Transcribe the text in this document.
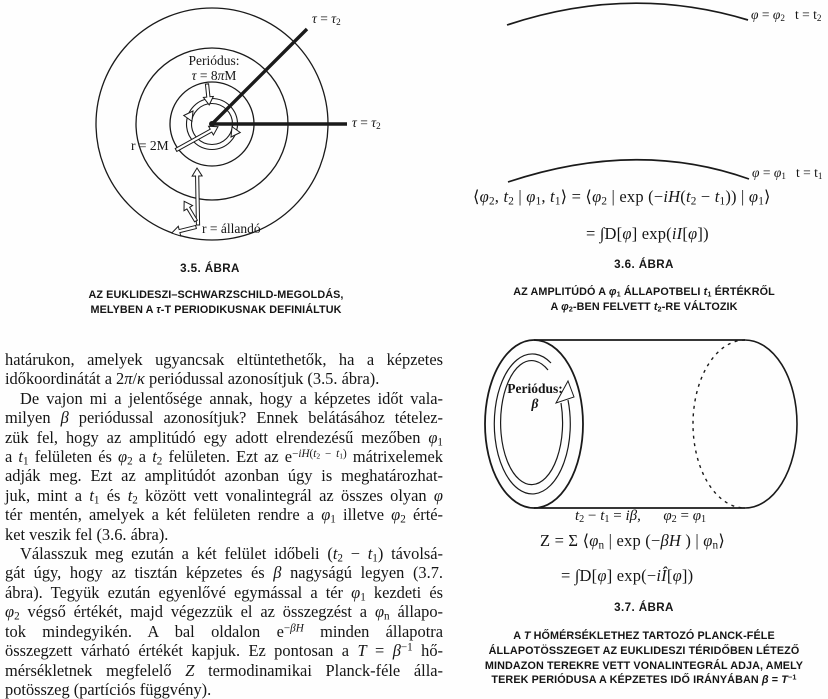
$\tau = \tau_2$
$\tau = \tau_2$
Periódus:
τ = 8πM
r = 2M
r = állandó
3.5. ÁBRA
AZ EUKLIDESZI–SCHWARZSCHILD-MEGOLDÁS,
MELYBEN A τ-T PERIODIKUSNAK DEFINIÁLTUK
$\varphi = \varphi_2$   $t = t_2$
$\varphi = \varphi_1$   $t = t_1$
$⟨\varphi_2$, $t_2$ | $\varphi_1$, $t_1⟩$ = $⟨\varphi_2$ | $\exp (-iH(t_2 - t_1))$ | $\varphi_1⟩$
= ∫D[φ] exp(iI[φ])
3.6. ÁBRA
AZ AMPLITÚDÓ A $\varphi_1$ ÁLLAPOTBELI $t_1$ ÉRTÉKRŐL
A $\varphi_2$-BEN FELVETT $t_2-RE$ VÁLTOZIK
határukon, amelyek ugyancsak eltüntethetők, ha a képzetes
időkoordinátát a 2π/κ periódussal azonosítjuk (3.5. ábra).
De vajon mi a jelentősége annak, hogy a képzetes időt vala-
milyen β periódussal azonosítjuk? Ennek belátásához tételez-
zük fel, hogy az amplitúdó egy adott elrendezésű mezőben $\varphi_1$
a $t_1$ felületen és $\varphi_2$ a $t_2$ felületen. Ezt az $e^{-iH(t_2 - t_1)}$ mátrixelemek
adják meg. Ezt az amplitúdót azonban úgy is meghatározhat-
juk, mint a $t_1$ és $t_2$ között vett vonalintegrál az összes olyan φ
tér mentén, amelyek a két felületen rendre a $\varphi_1$ illetve $\varphi_2$ érté-
ket veszik fel (3.6. ábra).
Válasszuk meg ezután a két felület időbeli $(t_2 - t_1)$ távolsá-
gát úgy, hogy az tisztán képzetes és β nagyságú legyen (3.7.
ábra). Tegyük ezután egyenlővé egymással a tér $\varphi_1$ kezdeti és
$\varphi_2$ végső értékét, majd végezzük el az összegzést a $\varphi_n$ állapo-
tok mindegyikén. A bal oldalon $e^{-\beta H}$ minden állapotra
összegzett várható értékét kapjuk. Ez pontosan a $T = \beta^{-1}$ hő-
mérsékletnek megfelelő Z termodinamikai Planck-féle álla-
potösszeg (partíciós függvény).
Periódus:
β
$t_2 - t_1 = i\beta$,      $\varphi_2 = \varphi_1$
Z = Σ $⟨\varphi_n$ | exp (−βH ) | $\varphi_n⟩$
= ∫D[φ] exp(−iÎ[φ])
3.7. ÁBRA
A T HŐMÉRSÉKLETHEZ TARTOZÓ PLANCK-FÉLE
ÁLLAPOTÖSSZEGET AZ EUKLIDESZI TÉRIDŐBEN LÉTEZŐ
MINDAZON TEREKRE VETT VONALINTEGRÁL ADJA, AMELY
TEREK PERIÓDUSA A KÉPZETES IDŐ IRÁNYÁBAN $\beta = T^{-1}$
